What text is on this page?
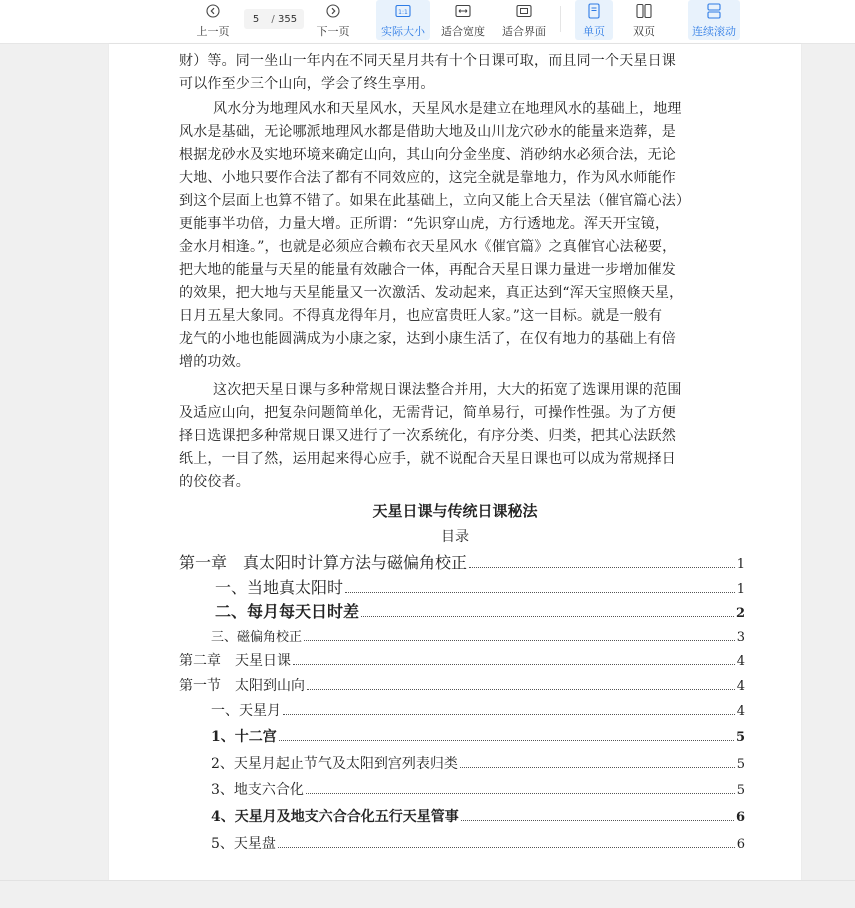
上一页
5	/ 355
下一页
1:1
实际大小 适合宽度 适合界面	单页	双页	连续滚动
财）等。同一坐山一年内在不同天星月共有十个日课可取，而且同一个天星日课
可以作至少三个山向，学会了终生享用。
风水分为地理风水和天星风水，天星风水是建立在地理风水的基础上，地理
风水是基础，无论哪派地理风水都是借助大地及山川龙穴砂水的能量来造葬，是
根据龙砂水及实地环境来确定山向，其山向分金坐度、消砂纳水必须合法，无论
大地、小地只要作合法了都有不同效应的，这完全就是靠地力，作为风水师能作
到这个层面上也算不错了。如果在此基础上，立向又能上合天星法（催官篇心法）
更能事半功倍，力量大增。正所谓：“先识穿山虎，方行透地龙。浑天开宝镜，
金水月相逢。”，也就是必须应合赖布衣天星风水《催官篇》之真催官心法秘要，
把大地的能量与天星的能量有效融合一体，再配合天星日课力量进一步增加催发
的效果，把大地与天星能量又一次激活、发动起来，真正达到“浑天宝照倏天星，
日月五星大象同。不得真龙得年月，也应富贵旺人家。”这一目标。就是一般有
龙气的小地也能圆满成为小康之家，达到小康生活了，在仅有地力的基础上有倍
增的功效。
这次把天星日课与多种常规日课法整合并用，大大的拓宽了选课用课的范围
及适应山向，把复杂问题简单化，无需背记，简单易行，可操作性强。为了方便
择日选课把多种常规日课又进行了一次系统化，有序分类、归类，把其心法跃然
纸上，一目了然，运用起来得心应手，就不说配合天星日课也可以成为常规择日
的佼佼者。
天星日课与传统日课秘法
目录
第一章　真太阳时计算方法与磁偏角校正	1
一、当地真太阳时	1
二、每月每天日时差	2
三、磁偏角校正	3
第二章　天星日课	4
第一节　太阳到山向	4
一、天星月	4
1、十二宫	5
2、天星月起止节气及太阳到宫列表归类	5
3、地支六合化	5
4、天星月及地支六合合化五行天星管事	6
5、天星盘	6
